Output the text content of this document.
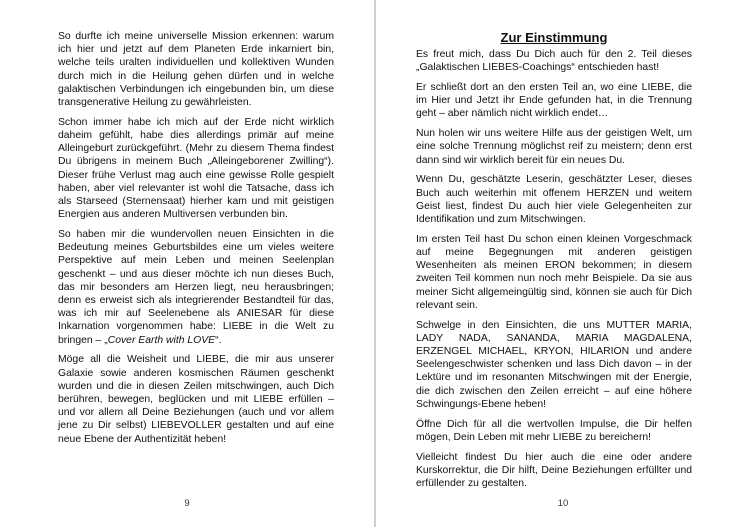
So durfte ich meine universelle Mission erkennen: warum ich hier und jetzt auf dem Planeten Erde inkarniert bin, welche teils uralten individuellen und kollektiven Wunden durch mich in die Heilung gehen dürfen und in welche galaktischen Verbindungen ich eingebunden bin, um diese transgenerative Heilung zu gewährleisten.

Schon immer habe ich mich auf der Erde nicht wirklich daheim gefühlt, habe dies allerdings primär auf meine Alleingeburt zurückgeführt. (Mehr zu diesem Thema findest Du übrigens in meinem Buch „Alleingeborener Zwilling“). Dieser frühe Verlust mag auch eine gewisse Rolle gespielt haben, aber viel relevanter ist wohl die Tatsache, dass ich als Starseed (Sternensaat) hierher kam und mit geistigen Energien aus anderen Multiversen verbunden bin.

So haben mir die wundervollen neuen Einsichten in die Bedeutung meines Geburtsbildes eine um vieles weitere Perspektive auf mein Leben und meinen Seelenplan geschenkt – und aus dieser möchte ich nun dieses Buch, das mir besonders am Herzen liegt, neu herausbringen; denn es erweist sich als integrierender Bestandteil für das, was ich mir auf Seelenebene als ANIESAR für diese Inkarnation vorgenommen habe: LIEBE in die Welt zu bringen – „Cover Earth with LOVE“.

Möge all die Weisheit und LIEBE, die mir aus unserer Galaxie sowie anderen kosmischen Räumen geschenkt wurden und die in diesen Zeilen mitschwingen, auch Dich berühren, bewegen, beglücken und mit LIEBE erfüllen – und vor allem all Deine Beziehungen (auch und vor allem jene zu Dir selbst) LIEBEVOLLER gestalten und auf eine neue Ebene der Authentizität heben!

9
Zur Einstimmung

Es freut mich, dass Du Dich auch für den 2. Teil dieses „Galaktischen LIEBES-Coachings“ entschieden hast!

Er schließt dort an den ersten Teil an, wo eine LIEBE, die im Hier und Jetzt ihr Ende gefunden hat, in die Trennung geht – aber nämlich nicht wirklich endet…

Nun holen wir uns weitere Hilfe aus der geistigen Welt, um eine solche Trennung möglichst reif zu meistern; denn erst dann sind wir wirklich bereit für ein neues Du.

Wenn Du, geschätzte Leserin, geschätzter Leser, dieses Buch auch weiterhin mit offenem HERZEN und weitem Geist liest, findest Du auch hier viele Gelegenheiten zur Identifikation und zum Mitschwingen.

Im ersten Teil hast Du schon einen kleinen Vorgeschmack auf meine Begegnungen mit anderen geistigen Wesenheiten als meinen ERON bekommen; in diesem zweiten Teil kommen nun noch mehr Beispiele. Da sie aus meiner Sicht allgemeingültig sind, können sie auch für Dich relevant sein.

Schwelge in den Einsichten, die uns MUTTER MARIA, LADY NADA, SANANDA, MARIA MAGDALENA, ERZENGEL MICHAEL, KRYON, HILARION und andere Seelengeschwister schenken und lass Dich davon – in der Lektüre und im resonanten Mitschwingen mit der Energie, die dich zwischen den Zeilen erreicht – auf eine höhere Schwingungs-Ebene heben!

Öffne Dich für all die wertvollen Impulse, die Dir helfen mögen, Dein Leben mit mehr LIEBE zu bereichern!

Vielleicht findest Du hier auch die eine oder andere Kurskorrektur, die Dir hilft, Deine Beziehungen erfüllter und erfüllender zu gestalten.

10
